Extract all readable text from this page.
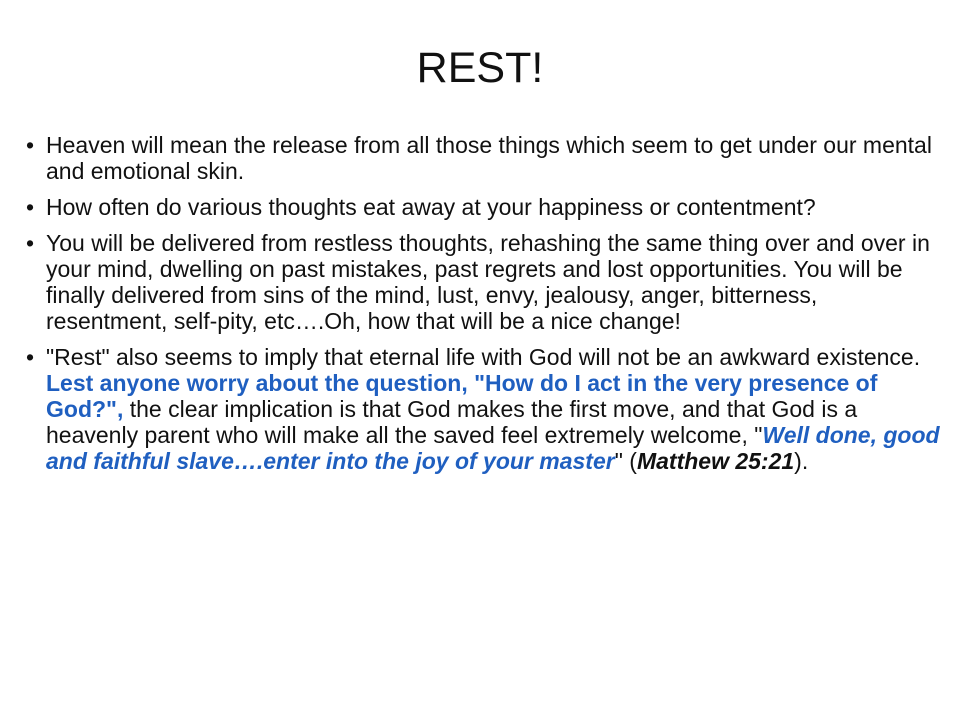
REST!
• Heaven will mean the release from all those things which seem to get under our mental and emotional skin.
• How often do various thoughts eat away at your happiness or contentment?
• You will be delivered from restless thoughts, rehashing the same thing over and over in your mind, dwelling on past mistakes, past regrets and lost opportunities. You will be finally delivered from sins of the mind, lust, envy, jealousy, anger, bitterness, resentment, self-pity, etc….Oh, how that will be a nice change!
• "Rest" also seems to imply that eternal life with God will not be an awkward existence. Lest anyone worry about the question, "How do I act in the very presence of God?", the clear implication is that God makes the first move, and that God is a heavenly parent who will make all the saved feel extremely welcome, "Well done, good and faithful slave….enter into the joy of your master" (Matthew 25:21).
